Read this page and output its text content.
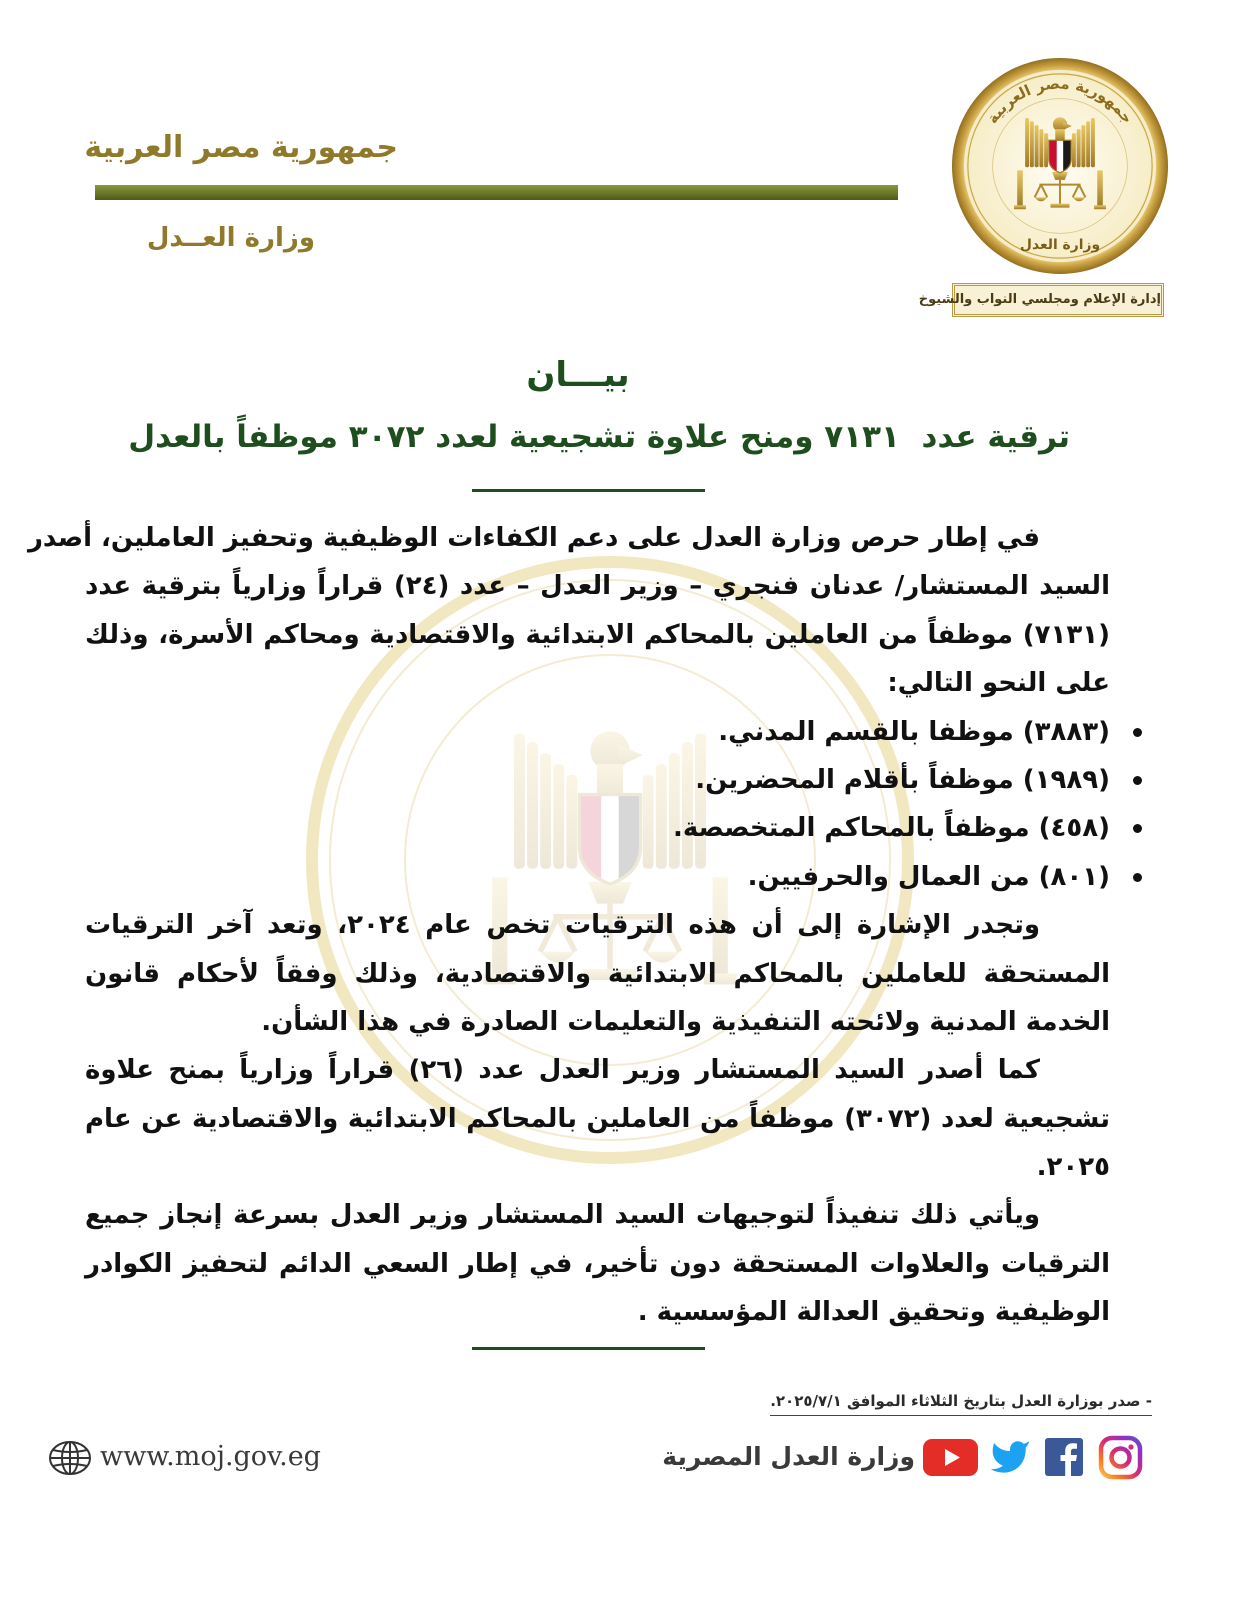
جمهورية مصر العربية
وزارة العــدل
جمهورية مصر العربية
وزارة العدل
إدارة الإعلام ومجلسي النواب والشيوخ
بيـــان
ترقية عدد  ٧١٣١ ومنح علاوة تشجيعية لعدد ٣٠٧٢ موظفاً بالعدل
في إطار حرص وزارة العدل على دعم الكفاءات الوظيفية وتحفيز العاملين، أصدر
السيد المستشار/ عدنان فنجري – وزير العدل – عدد (٢٤) قراراً وزارياً بترقية عدد
(٧١٣١) موظفاً من العاملين بالمحاكم الابتدائية والاقتصادية ومحاكم الأسرة، وذلك
على النحو التالي:
(٣٨٨٣) موظفا بالقسم المدني.
(١٩٨٩) موظفاً بأقلام المحضرين.
(٤٥٨) موظفاً بالمحاكم المتخصصة.
(٨٠١) من العمال والحرفيين.
وتجدر الإشارة إلى أن هذه الترقيات تخص عام ٢٠٢٤، وتعد آخر الترقيات
المستحقة للعاملين بالمحاكم الابتدائية والاقتصادية، وذلك وفقاً لأحكام قانون
الخدمة المدنية ولائحته التنفيذية والتعليمات الصادرة في هذا الشأن.
كما أصدر السيد المستشار وزير العدل عدد (٢٦) قراراً وزارياً بمنح علاوة
تشجيعية لعدد (٣٠٧٢) موظفاً من العاملين بالمحاكم الابتدائية والاقتصادية عن عام
٢٠٢٥.
ويأتي ذلك تنفيذاً لتوجيهات السيد المستشار وزير العدل بسرعة إنجاز جميع
الترقيات والعلاوات المستحقة دون تأخير، في إطار السعي الدائم لتحفيز الكوادر
الوظيفية وتحقيق العدالة المؤسسية .
- صدر بوزارة العدل بتاريخ الثلاثاء الموافق ٢٠٢٥/٧/١.
www.moj.gov.eg	وزارة العدل المصرية
